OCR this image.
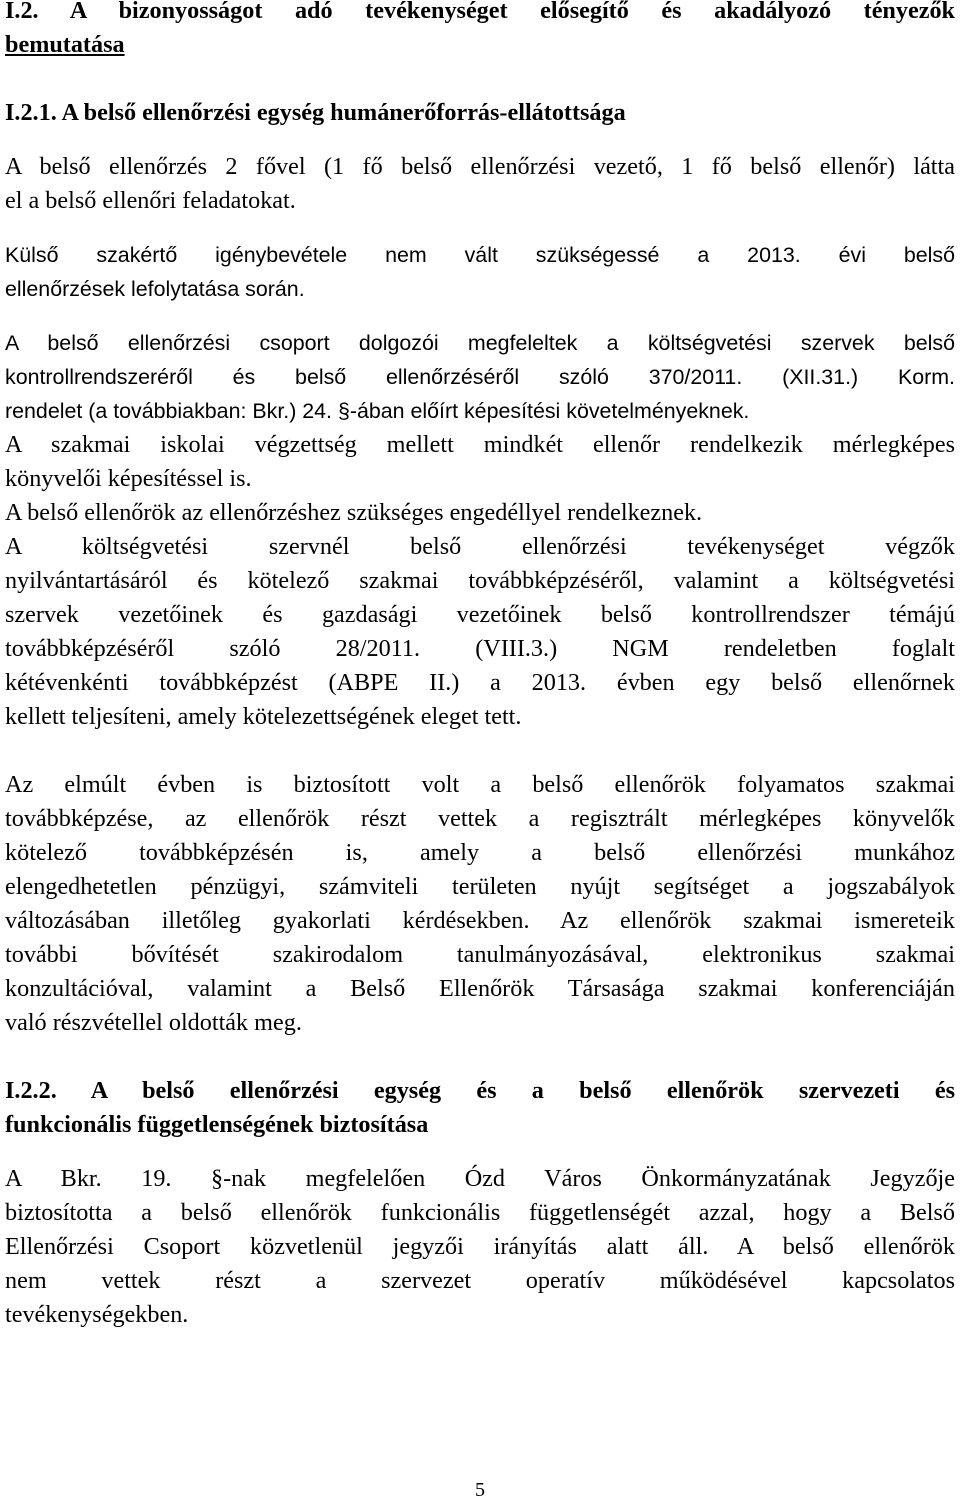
I.2. A bizonyosságot adó tevékenységet elősegítő és akadályozó tényezők
bemutatása
I.2.1. A belső ellenőrzési egység humánerőforrás-ellátottsága
A belső ellenőrzés 2 fővel (1 fő belső ellenőrzési vezető, 1 fő belső ellenőr) látta
el a belső ellenőri feladatokat.
Külső szakértő igénybevétele nem vált szükségessé a 2013. évi belső
ellenőrzések lefolytatása során.
A belső ellenőrzési csoport dolgozói megfeleltek a költségvetési szervek belső
kontrollrendszeréről és belső ellenőrzéséről szóló 370/2011. (XII.31.) Korm.
rendelet (a továbbiakban: Bkr.) 24. §-ában előírt képesítési követelményeknek.
A szakmai iskolai végzettség mellett mindkét ellenőr rendelkezik mérlegképes
könyvelői képesítéssel is.
A belső ellenőrök az ellenőrzéshez szükséges engedéllyel rendelkeznek.
A költségvetési szervnél belső ellenőrzési tevékenységet végzők
nyilvántartásáról és kötelező szakmai továbbképzéséről, valamint a költségvetési
szervek vezetőinek és gazdasági vezetőinek belső kontrollrendszer témájú
továbbképzéséről szóló 28/2011. (VIII.3.) NGM rendeletben foglalt
kétévenkénti továbbképzést (ABPE II.) a 2013. évben egy belső ellenőrnek
kellett teljesíteni, amely kötelezettségének eleget tett.
Az elmúlt évben is biztosított volt a belső ellenőrök folyamatos szakmai
továbbképzése, az ellenőrök részt vettek a regisztrált mérlegképes könyvelők
kötelező továbbképzésén is, amely a belső ellenőrzési munkához
elengedhetetlen pénzügyi, számviteli területen nyújt segítséget a jogszabályok
változásában illetőleg gyakorlati kérdésekben. Az ellenőrök szakmai ismereteik
további bővítését szakirodalom tanulmányozásával, elektronikus szakmai
konzultációval, valamint a Belső Ellenőrök Társasága szakmai konferenciáján
való részvétellel oldották meg.
I.2.2. A belső ellenőrzési egység és a belső ellenőrök szervezeti és
funkcionális függetlenségének biztosítása
A Bkr. 19. §-nak megfelelően Ózd Város Önkormányzatának Jegyzője
biztosította a belső ellenőrök funkcionális függetlenségét azzal, hogy a Belső
Ellenőrzési Csoport közvetlenül jegyzői irányítás alatt áll. A belső ellenőrök
nem vettek részt a szervezet operatív működésével kapcsolatos
tevékenységekben.
5
